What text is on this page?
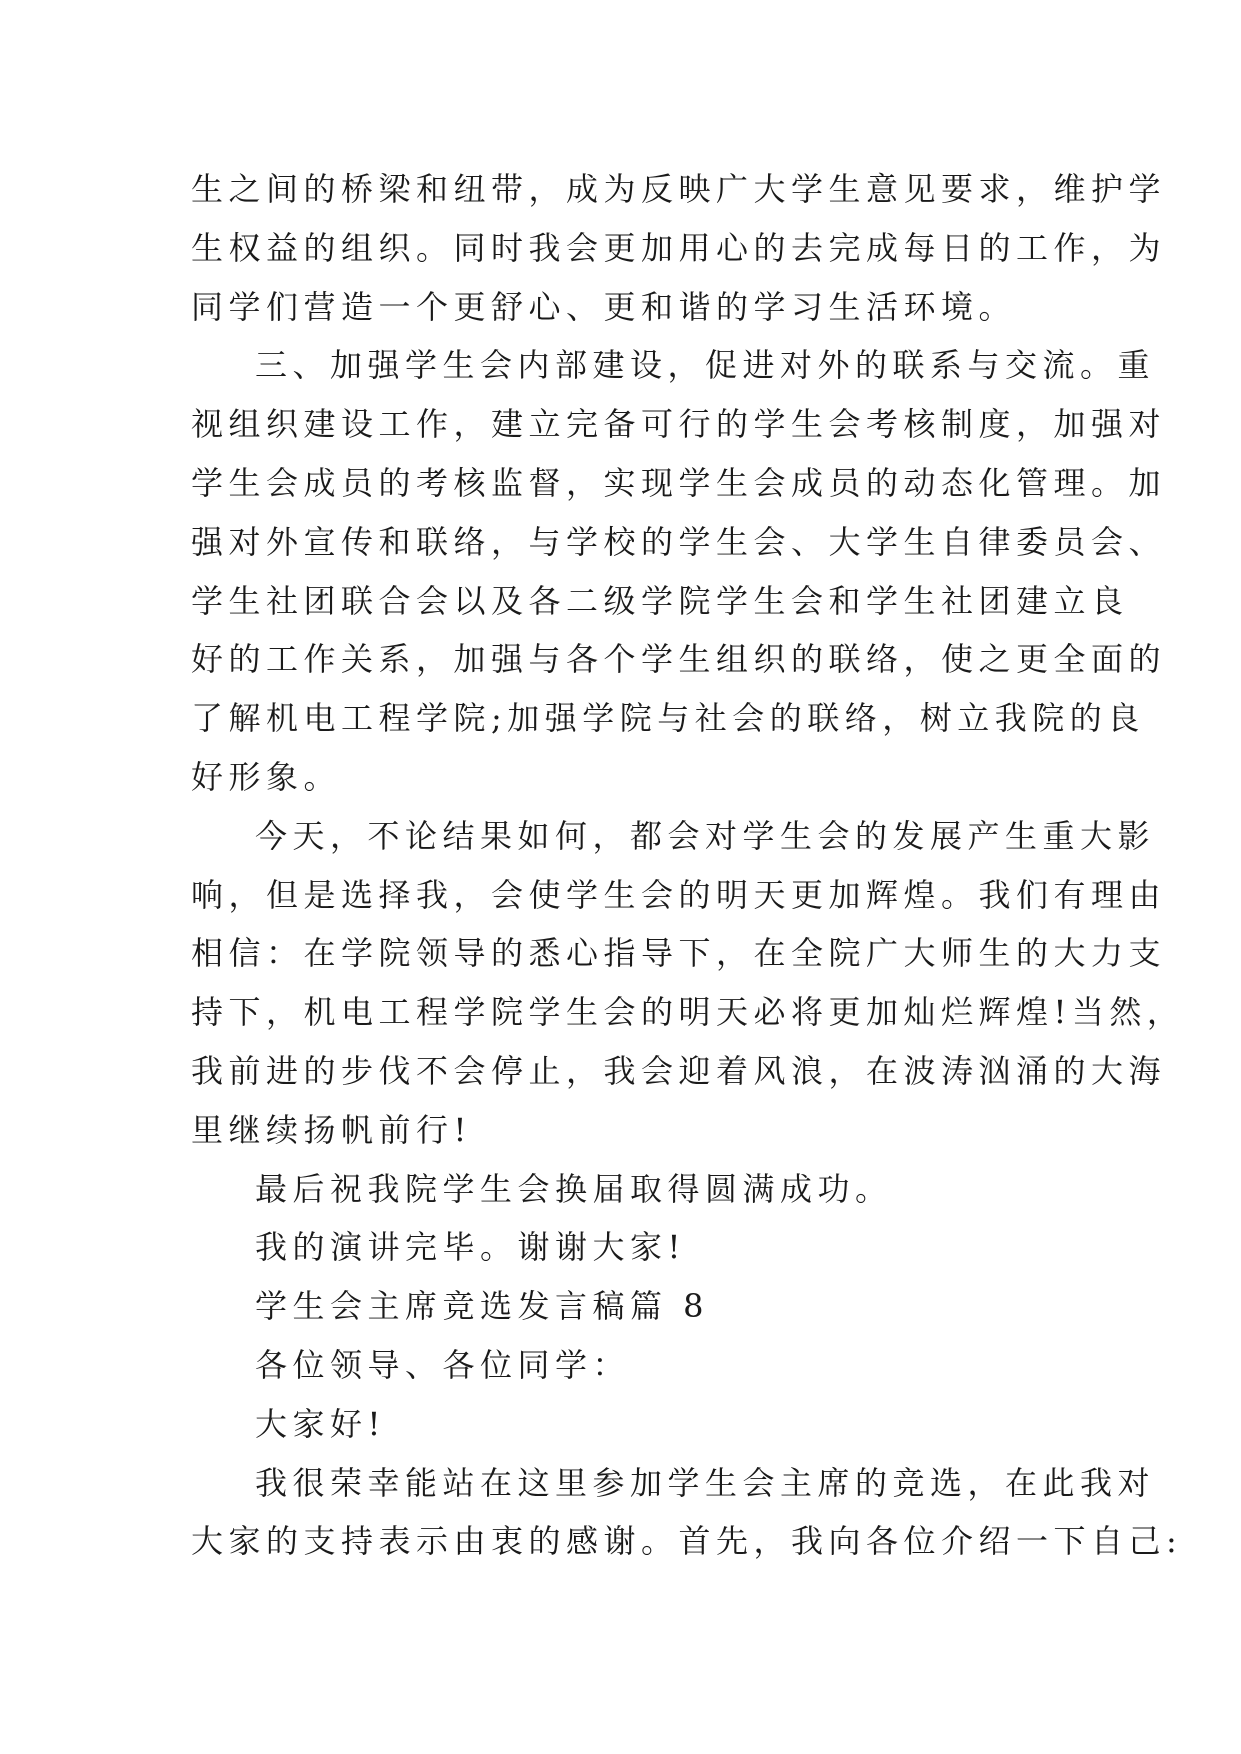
生之间的桥梁和纽带，成为反映广大学生意见要求，维护学
生权益的组织。同时我会更加用心的去完成每日的工作，为
同学们营造一个更舒心、更和谐的学习生活环境。
三、加强学生会内部建设，促进对外的联系与交流。重
视组织建设工作，建立完备可行的学生会考核制度，加强对
学生会成员的考核监督，实现学生会成员的动态化管理。加
强对外宣传和联络，与学校的学生会、大学生自律委员会、
学生社团联合会以及各二级学院学生会和学生社团建立良
好的工作关系，加强与各个学生组织的联络，使之更全面的
了解机电工程学院;加强学院与社会的联络，树立我院的良
好形象。
今天，不论结果如何，都会对学生会的发展产生重大影
响，但是选择我，会使学生会的明天更加辉煌。我们有理由
相信：在学院领导的悉心指导下，在全院广大师生的大力支
持下，机电工程学院学生会的明天必将更加灿烂辉煌!当然，
我前进的步伐不会停止，我会迎着风浪，在波涛汹涌的大海
里继续扬帆前行!
最后祝我院学生会换届取得圆满成功。
我的演讲完毕。谢谢大家!
学生会主席竞选发言稿篇 8
各位领导、各位同学：
大家好!
我很荣幸能站在这里参加学生会主席的竞选，在此我对
大家的支持表示由衷的感谢。首先，我向各位介绍一下自己:
